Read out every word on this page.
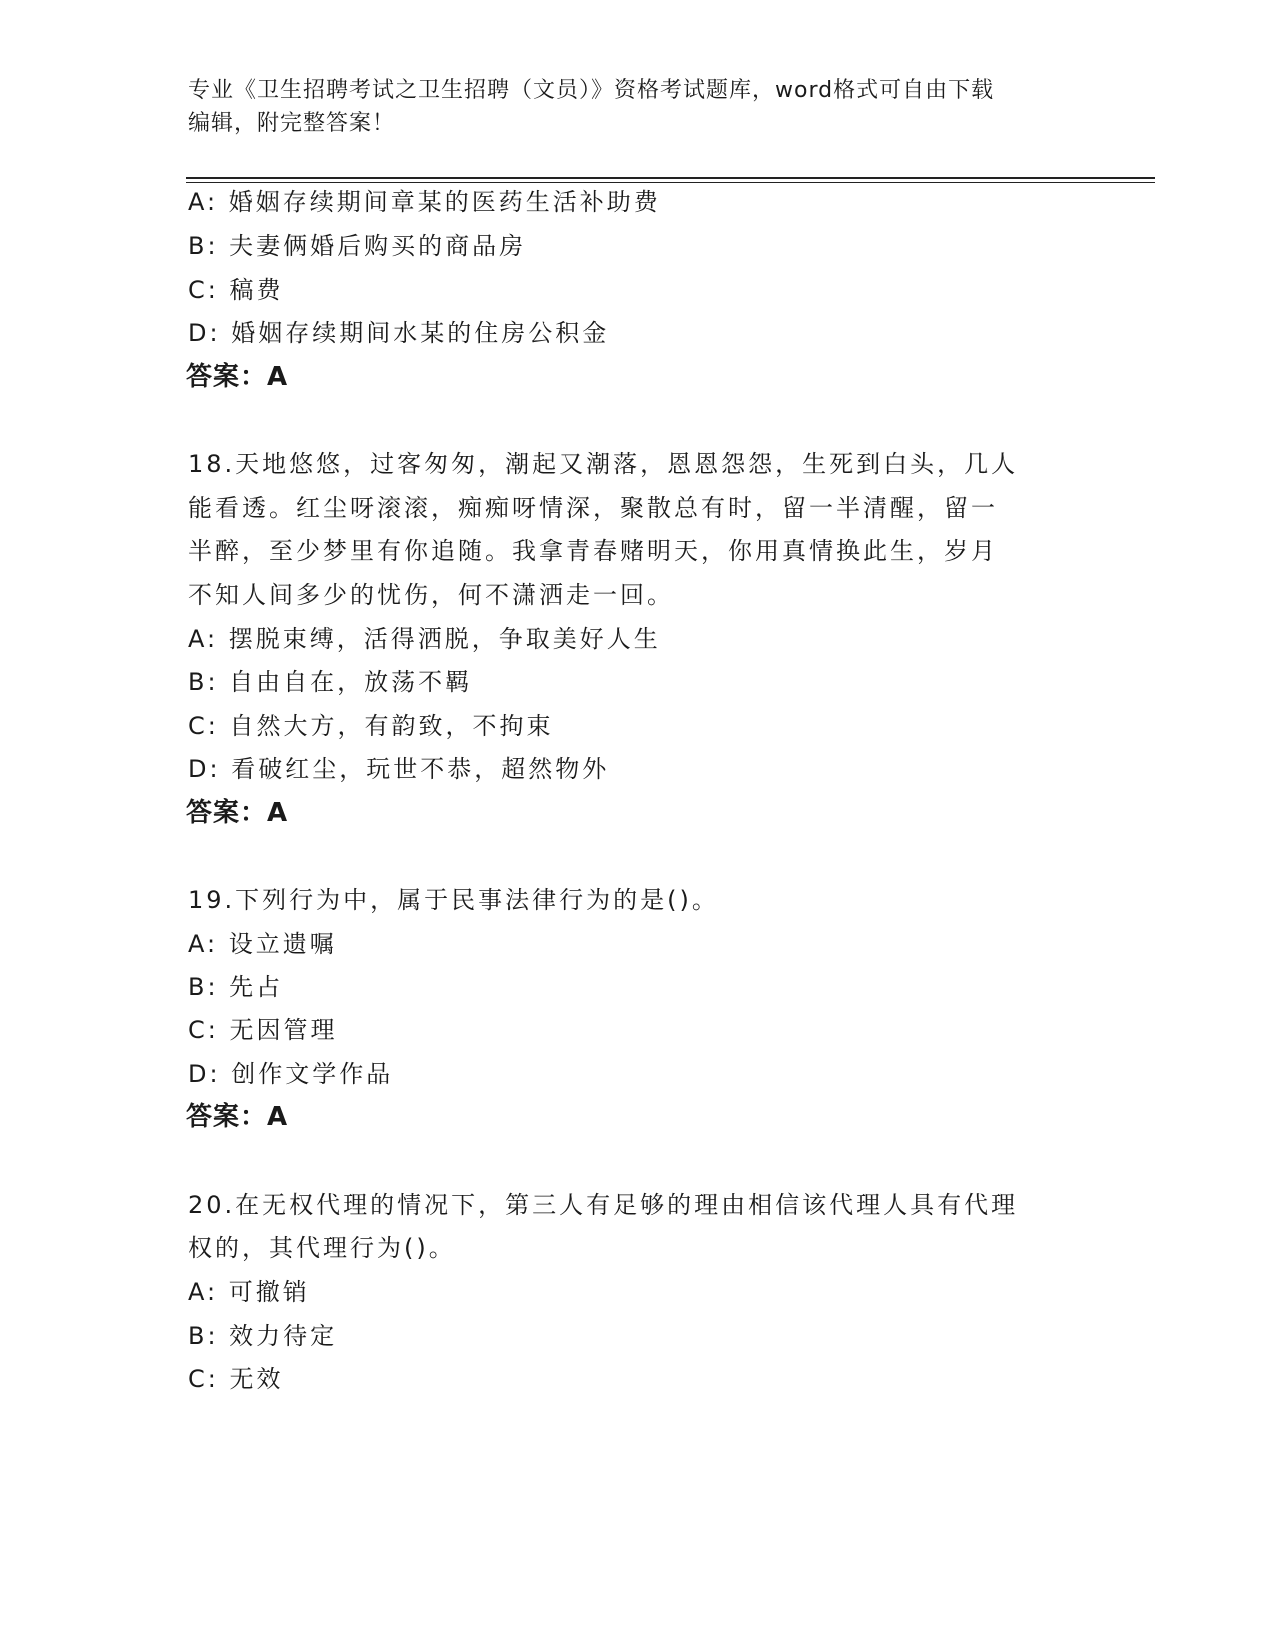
专业《卫生招聘考试之卫生招聘（文员）》资格考试题库，word格式可自由下载
编辑，附完整答案！
A: 婚姻存续期间章某的医药生活补助费
B: 夫妻俩婚后购买的商品房
C: 稿费
D: 婚姻存续期间水某的住房公积金
答案：A
18.天地悠悠，过客匆匆，潮起又潮落，恩恩怨怨，生死到白头，几人
能看透。红尘呀滚滚，痴痴呀情深，聚散总有时，留一半清醒，留一
半醉，至少梦里有你追随。我拿青春赌明天，你用真情换此生，岁月
不知人间多少的忧伤，何不潇洒走一回。
A: 摆脱束缚，活得洒脱，争取美好人生
B: 自由自在，放荡不羁
C: 自然大方，有韵致，不拘束
D: 看破红尘，玩世不恭，超然物外
答案：A
19.下列行为中，属于民事法律行为的是()。
A: 设立遗嘱
B: 先占
C: 无因管理
D: 创作文学作品
答案：A
20.在无权代理的情况下，第三人有足够的理由相信该代理人具有代理
权的，其代理行为()。
A: 可撤销
B: 效力待定
C: 无效
